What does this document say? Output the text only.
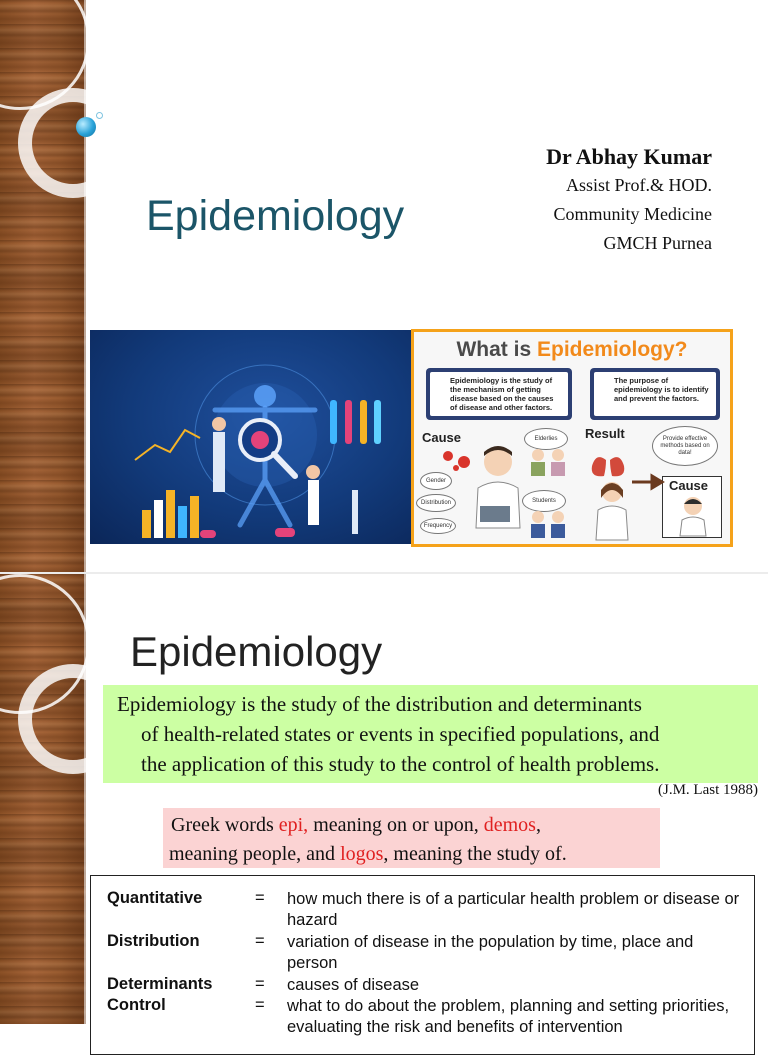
Epidemiology
Dr Abhay Kumar
Assist Prof.& HOD.
Community Medicine
GMCH Purnea
What is Epidemiology?
Epidemiology is the study of the mechanism of getting disease based on the causes of disease and other factors.
The purpose of epidemiology is to identify and prevent the factors.
Cause	Result
Elderlies
Students
Gender
Distribution
Frequency
Provide effective methods based on data!
Cause
Epidemiology
Epidemiology is the study of the distribution and determinants
of health-related states or events in specified populations, and
the application of this study to the control of health problems.
(J.M. Last 1988)
Greek words epi, meaning on or upon, demos,
meaning people, and logos, meaning the study of.
Quantitative	= how much there is of a particular health problem or disease or hazard
Distribution	= variation of disease in the population by time, place and person
Determinants	= causes of disease
Control	= what to do about the problem, planning and setting priorities, evaluating the risk and benefits of intervention
